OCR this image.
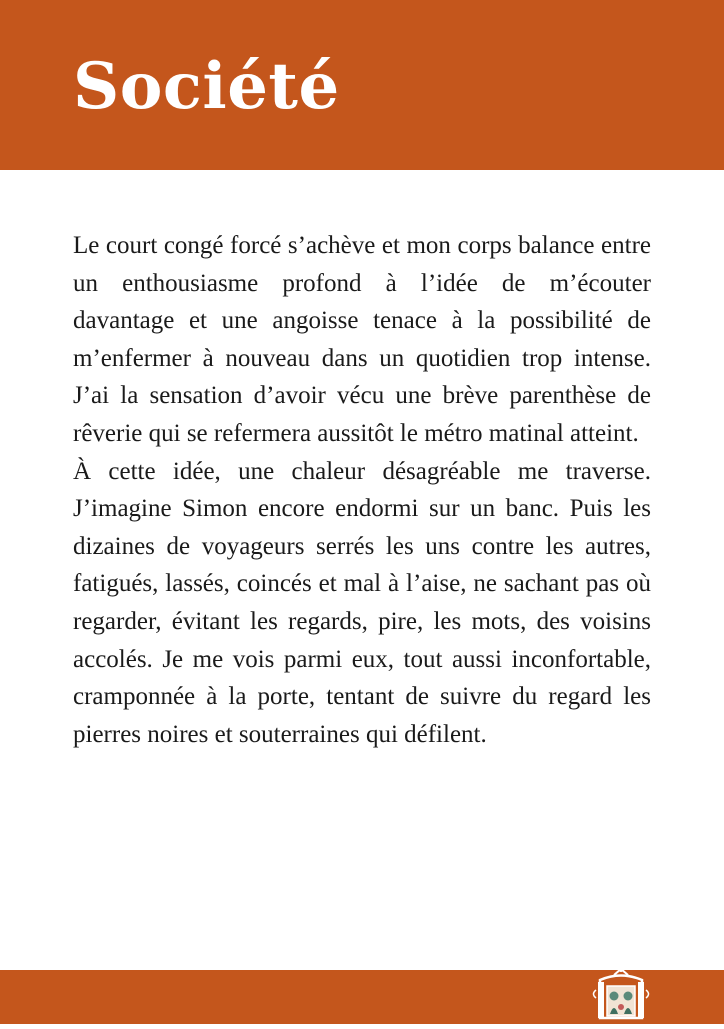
Société

Le court congé forcé s’achève et mon corps balance entre un enthousiasme profond à l’idée de m’écouter davantage et une angoisse tenace à la possibilité de m’enfermer à nouveau dans un quotidien trop intense. J’ai la sensation d’avoir vécu une brève parenthèse de rêverie qui se refermera aussitôt le métro matinal atteint.

À cette idée, une chaleur désagréable me traverse. J’imagine Simon encore endormi sur un banc. Puis les dizaines de voyageurs serrés les uns contre les autres, fatigués, lassés, coincés et mal à l’aise, ne sachant pas où regarder, évitant les regards, pire, les mots, des voisins accolés. Je me vois parmi eux, tout aussi inconfortable, cramponnée à la porte, tentant de suivre du regard les pierres noires et souterraines qui défilent.
